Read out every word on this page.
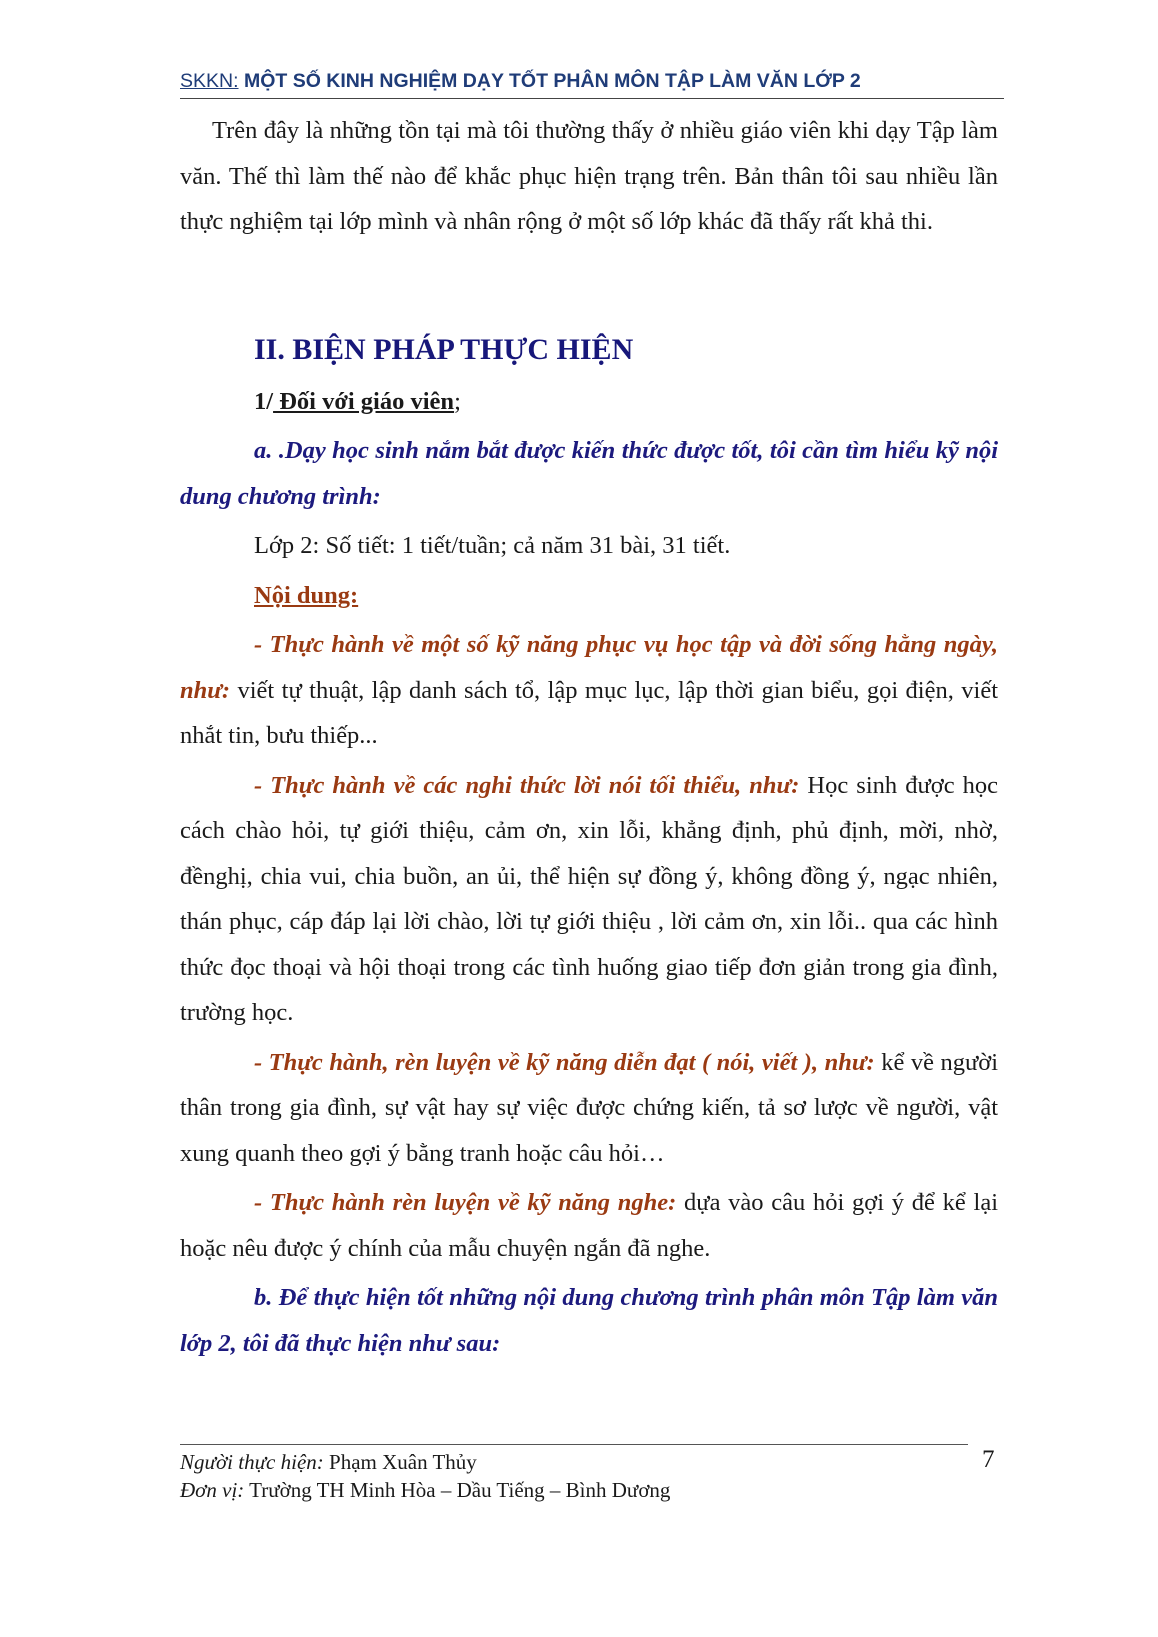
SKKN: MỘT SỐ KINH NGHIỆM DẠY TỐT PHÂN MÔN TẬP LÀM VĂN LỚP 2

Trên đây là những tồn tại mà tôi thường thấy ở nhiều giáo viên khi dạy Tập làm văn. Thế thì làm thế nào để khắc phục hiện trạng trên. Bản thân tôi sau nhiều lần thực nghiệm tại lớp mình và nhân rộng ở một số lớp khác đã thấy rất khả thi.

II. BIỆN PHÁP THỰC HIỆN

1/ Đối với giáo viên;

a. .Dạy học sinh nắm bắt được kiến thức được tốt, tôi cần tìm hiểu kỹ nội dung chương trình:

Lớp 2: Số tiết: 1 tiết/tuần; cả năm 31 bài, 31 tiết.

Nội dung:

- Thực hành về một số kỹ năng phục vụ học tập và đời sống hằng ngày, như: viết tự thuật, lập danh sách tổ, lập mục lục, lập thời gian biểu, gọi điện, viết nhắt tin, bưu thiếp...

- Thực hành về các nghi thức lời nói tối thiểu, như: Học sinh được học cách chào hỏi, tự giới thiệu, cảm ơn, xin lỗi, khẳng định, phủ định, mời, nhờ, đềnghị, chia vui, chia buồn, an ủi, thể hiện sự đồng ý, không đồng ý, ngạc nhiên, thán phục, cáp đáp lại lời chào, lời tự giới thiệu , lời cảm ơn, xin lỗi.. qua các hình thức đọc thoại và hội thoại trong các tình huống giao tiếp đơn giản trong gia đình, trường học.

- Thực hành, rèn luyện về kỹ năng diễn đạt ( nói, viết ), như: kể về người thân trong gia đình, sự vật hay sự việc được chứng kiến, tả sơ lược về người, vật xung quanh theo gợi ý bằng tranh hoặc câu hỏi…

- Thực hành rèn luyện về kỹ năng nghe: dựa vào câu hỏi gợi ý để kể lại hoặc nêu được ý chính của mẫu chuyện ngắn đã nghe.

b. Để thực hiện tốt những nội dung chương trình phân môn Tập làm văn lớp 2, tôi đã thực hiện như sau:

Người thực hiện: Phạm Xuân Thủy
Đơn vị: Trường TH Minh Hòa – Dầu Tiếng – Bình Dương
7
